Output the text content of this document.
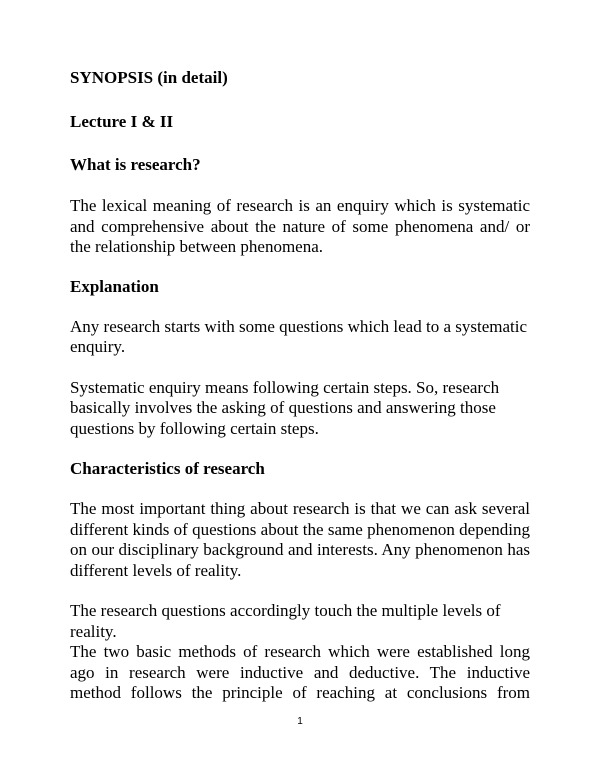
SYNOPSIS (in detail)

Lecture I & II

What is research?

The lexical meaning of research is an enquiry which is systematic and comprehensive about the nature of some phenomena and/ or the relationship between phenomena.

Explanation

Any research starts with some questions which lead to a systematic enquiry.

Systematic enquiry means following certain steps. So, research basically involves the asking of questions and answering those questions by following certain steps.

Characteristics of research

The most important thing about research is that we can ask several different kinds of questions about the same phenomenon depending on our disciplinary background and interests. Any phenomenon has different levels of reality.

The research questions accordingly touch the multiple levels of reality.

The two basic methods of research which were established long ago in research were inductive and deductive. The inductive method follows the principle of reaching at conclusions from

1
